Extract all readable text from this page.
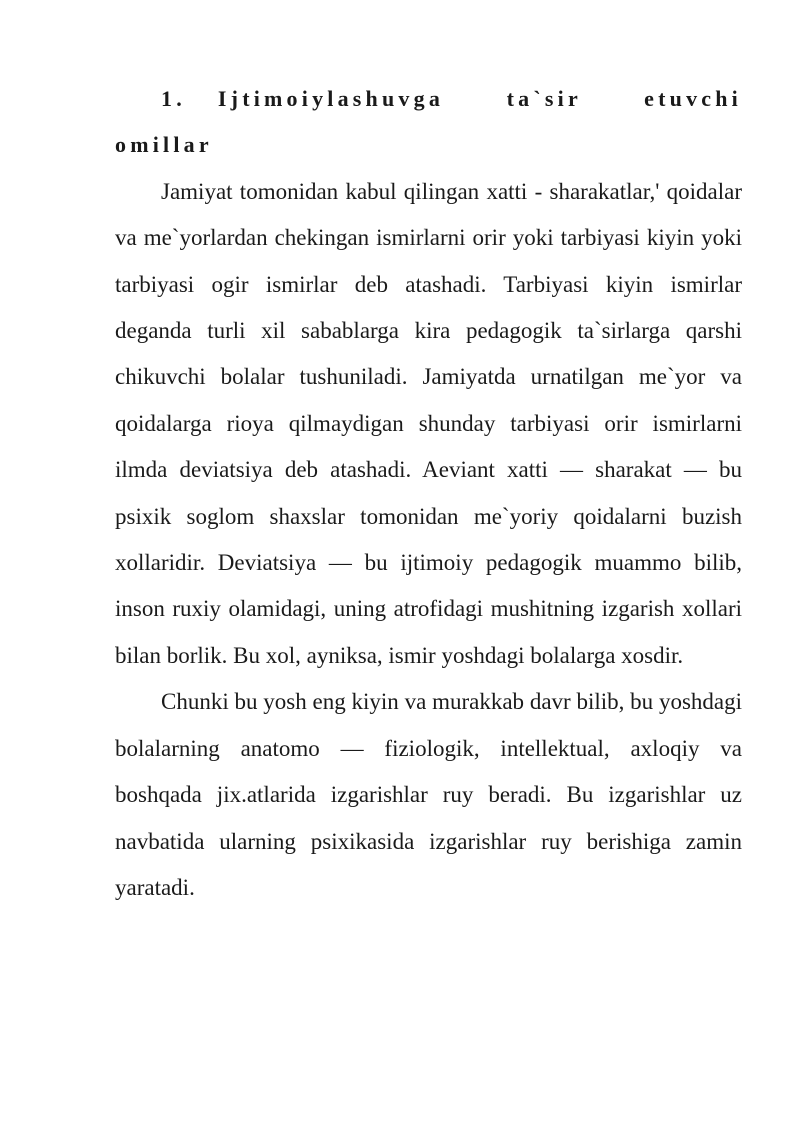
1. Ijtimoiylashuvga ta`sir etuvchi omillar

Jamiyat tomonidan kabul qilingan xatti - sharakatlar,' qoidalar va me`yorlardan chekingan ismirlarni orir yoki tarbiyasi kiyin yoki tarbiyasi ogir ismirlar deb atashadi. Tarbiyasi kiyin ismirlar deganda turli xil sabablarga kira pedagogik ta`sirlarga qarshi chikuvchi bolalar tushuniladi. Jamiyatda urnatilgan me`yor va qoidalarga rioya qilmaydigan shunday tarbiyasi orir ismirlarni ilmda deviatsiya deb atashadi. Aeviant xatti — sharakat — bu psixik soglom shaxslar tomonidan me`yoriy qoidalarni buzish xollaridir. Deviatsiya — bu ijtimoiy pedagogik muammo bilib, inson ruxiy olamidagi, uning atrofidagi mushitning izgarish xollari bilan borlik. Bu xol, ayniksa, ismir yoshdagi bolalarga xosdir.

Chunki bu yosh eng kiyin va murakkab davr bilib, bu yoshdagi bolalarning anatomo — fiziologik, intellektual, axloqiy va boshqada jix.atlarida izgarishlar ruy beradi. Bu izgarishlar uz navbatida ularning psixikasida izgarishlar ruy berishiga zamin yaratadi.
